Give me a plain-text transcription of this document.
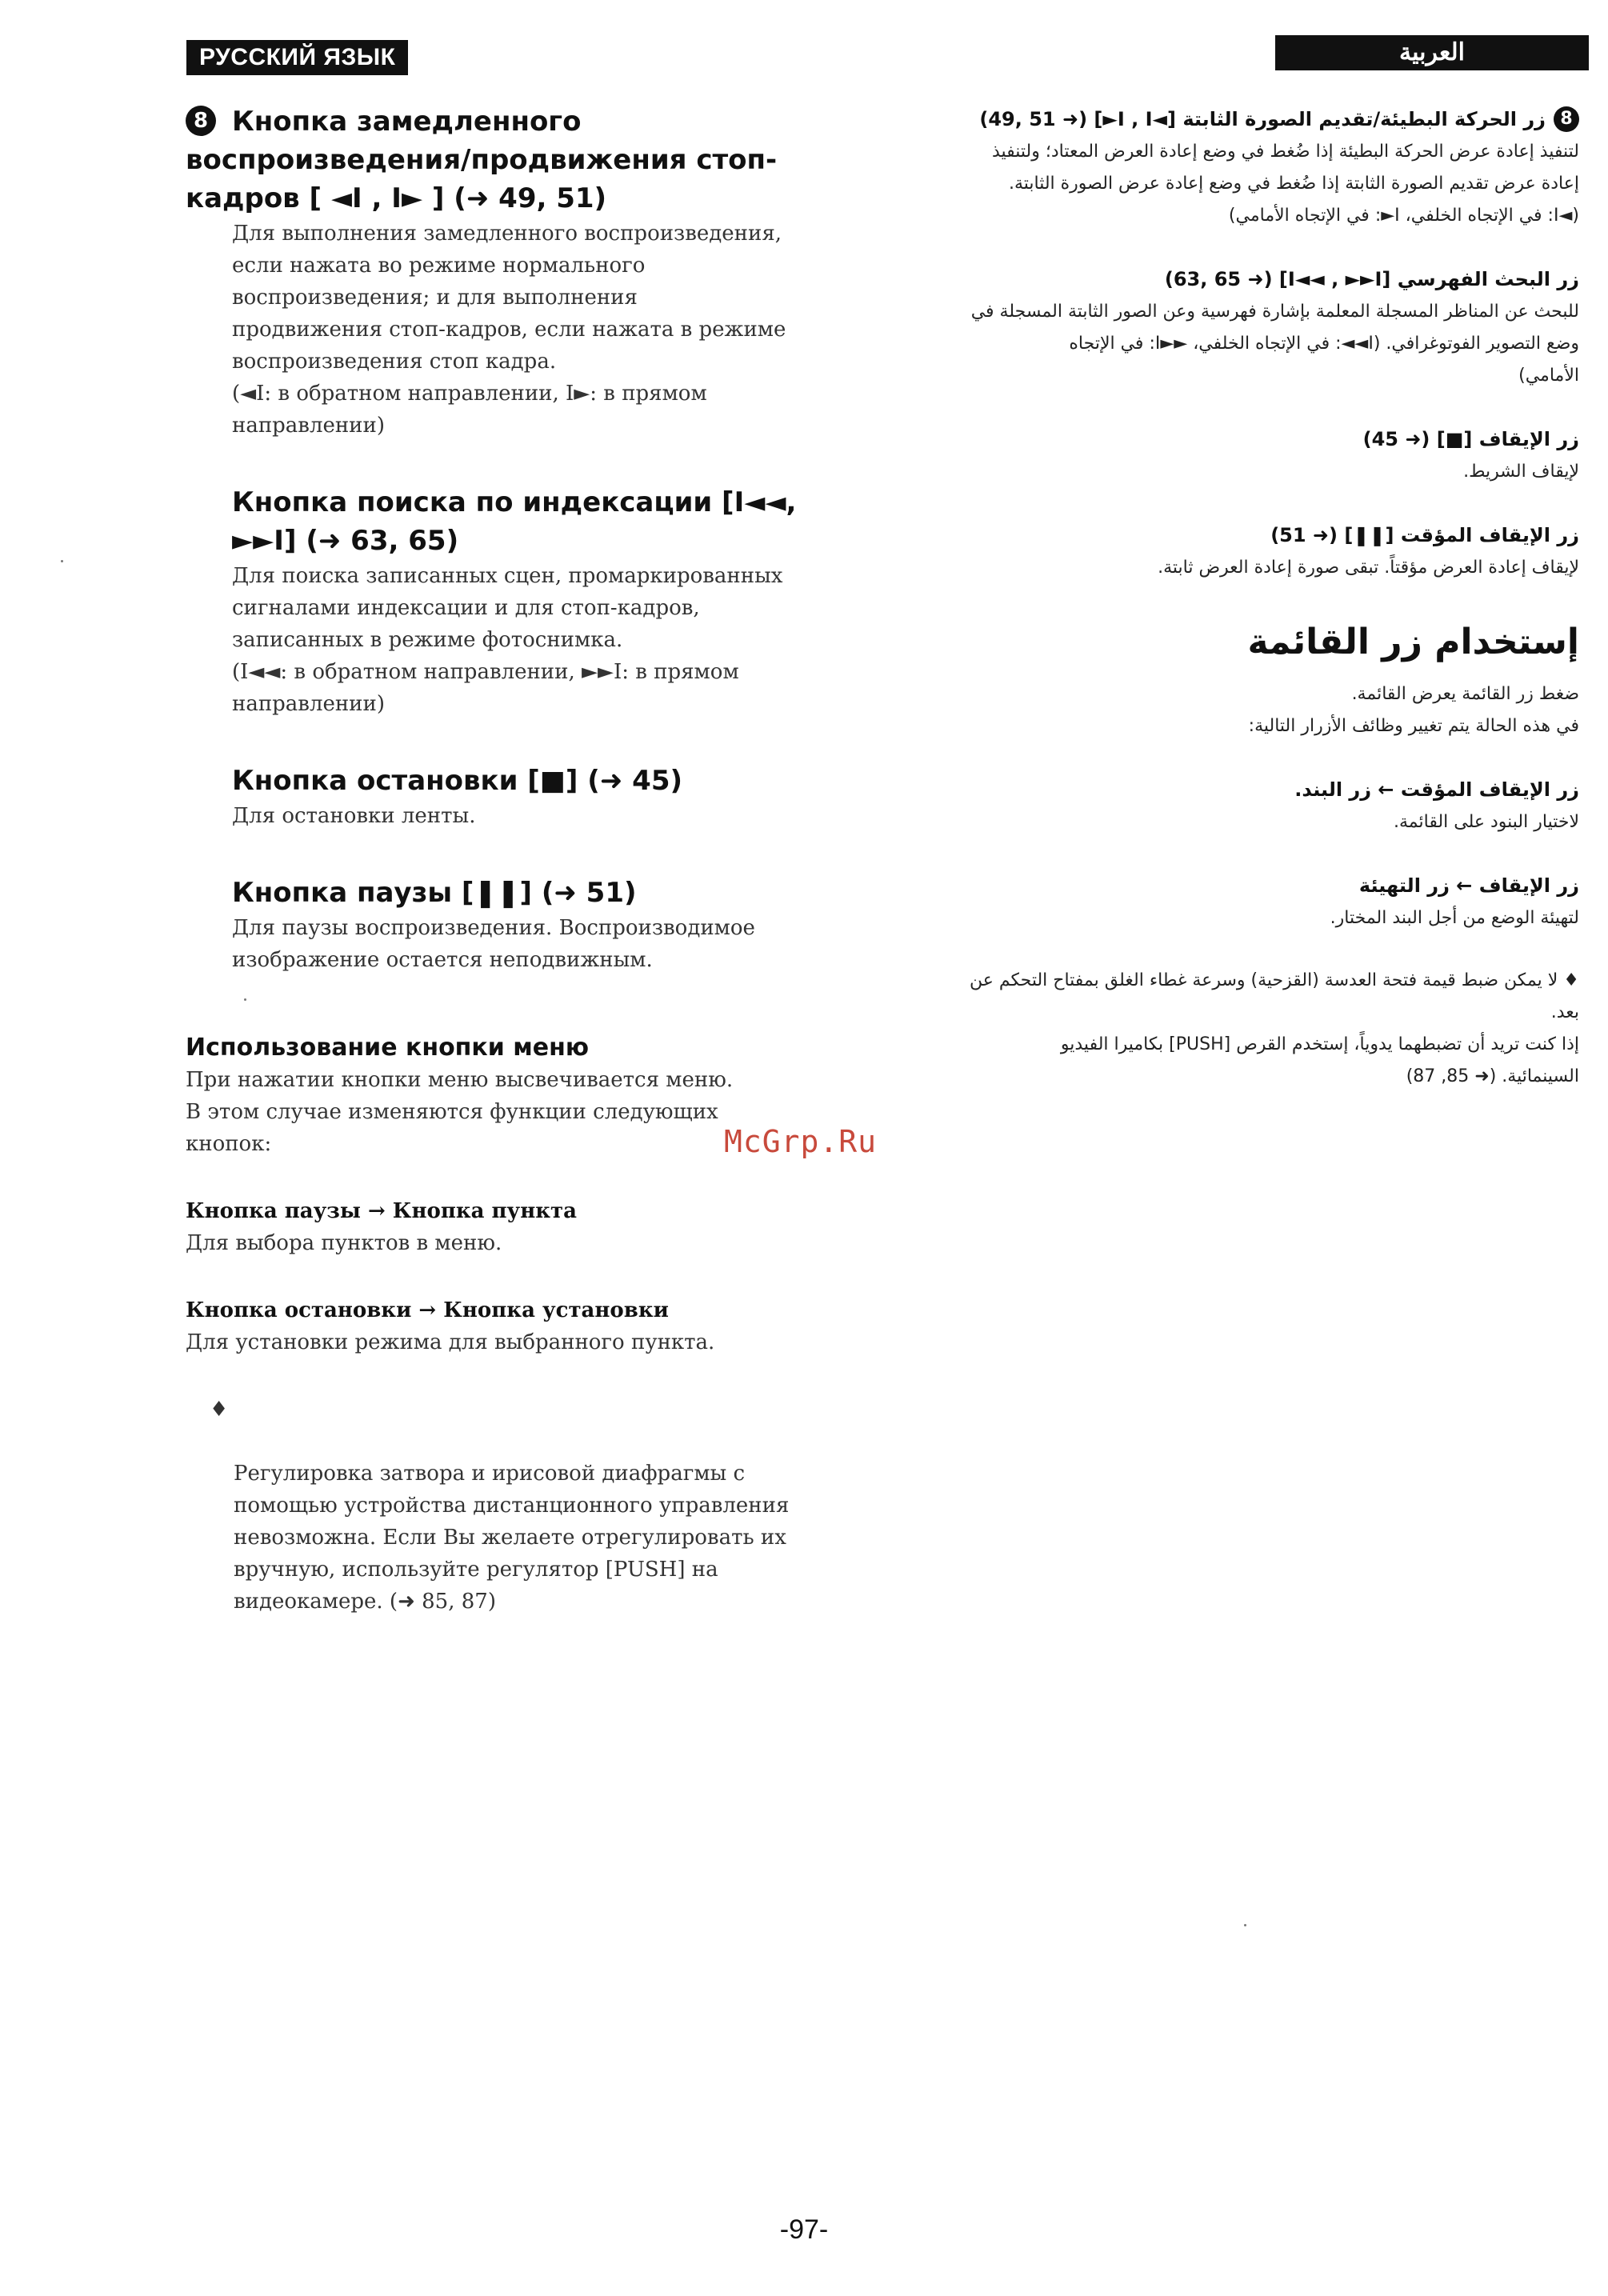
РУССКИЙ ЯЗЫК	العربية
8 Кнопка замедленного воспроизведения/продвижения стоп-кадров [ ◄I , I► ] (➜ 49, 51)

Для выполнения замедленного воспроизведения,
если нажата во режиме нормального
воспроизведения; и для выполнения
продвижения стоп-кадров, если нажата в режиме
воспроизведения стоп кадра.
(◄I: в обратном направлении, I►: в прямом
направлении)

Кнопка поиска по индексации [I◄◄, ►►I] (➜ 63, 65)

Для поиска записанных сцен, промаркированных
сигналами индексации и для стоп-кадров,
записанных в режиме фотоснимка.
(I◄◄: в обратном направлении, ►►I: в прямом
направлении)

Кнопка остановки [■] (➜ 45)

Для остановки ленты.

Кнопка паузы [❚❚] (➜ 51)

Для паузы воспроизведения. Воспроизводимое
изображение остается неподвижным.

Использование кнопки меню

При нажатии кнопки меню высвечивается меню.
В этом случае изменяются функции следующих
кнопок:

Кнопка паузы → Кнопка пункта

Для выбора пунктов в меню.

Кнопка остановки → Кнопка установки

Для установки режима для выбранного пункта.

♦

Регулировка затвора и ирисовой диафрагмы с
помощью устройства дистанционного управления
невозможна. Если Вы желаете отрегулировать их
вручную, используйте регулятор [PUSH] на
видеокамере. (➜ 85, 87)

8زر الحركة البطيئة/تقديم الصورة الثابتة [◄I , I►] (➜ 49, 51)

لتنفيذ إعادة عرض الحركة البطيئة إذا ضُغط في وضع إعادة العرض المعتاد؛ ولتنفيذ
إعادة عرض تقديم الصورة الثابتة إذا ضُغط في وضع إعادة عرض الصورة الثابتة.
(◄I: في الإتجاه الخلفي، I►: في الإتجاه الأمامي)

زر البحث الفهرسي [I◄◄ , ►►I] (➜ 63, 65)

للبحث عن المناظر المسجلة المعلمة بإشارة فهرسية وعن الصور الثابتة المسجلة في
وضع التصوير الفوتوغرافي. (I◄◄: في الإتجاه الخلفي، ►►I: في الإتجاه
الأمامي)

زر الإيقاف [■] (➜ 45)

لإيقاف الشريط.

زر الإيقاف المؤقت [❚❚] (➜ 51)

لإيقاف إعادة العرض مؤقتاً. تبقى صورة إعادة العرض ثابتة.

إستخدام زر القائمة

ضغط زر القائمة يعرض القائمة.
في هذه الحالة يتم تغيير وظائف الأزرار التالية:

زر الإيقاف المؤقت ← زر البند.

لاختيار البنود على القائمة.

زر الإيقاف ← زر التهيئة

لتهيئة الوضع من أجل البند المختار.

♦ لا يمكن ضبط قيمة فتحة العدسة (القزحية) وسرعة غطاء الغلق بمفتاح التحكم عن بعد.
إذا كنت تريد أن تضبطهما يدوياً، إستخدم القرص [PUSH] بكاميرا الفيديو
السينمائية. (➜ 85, 87)
McGrp.Ru
-97-
